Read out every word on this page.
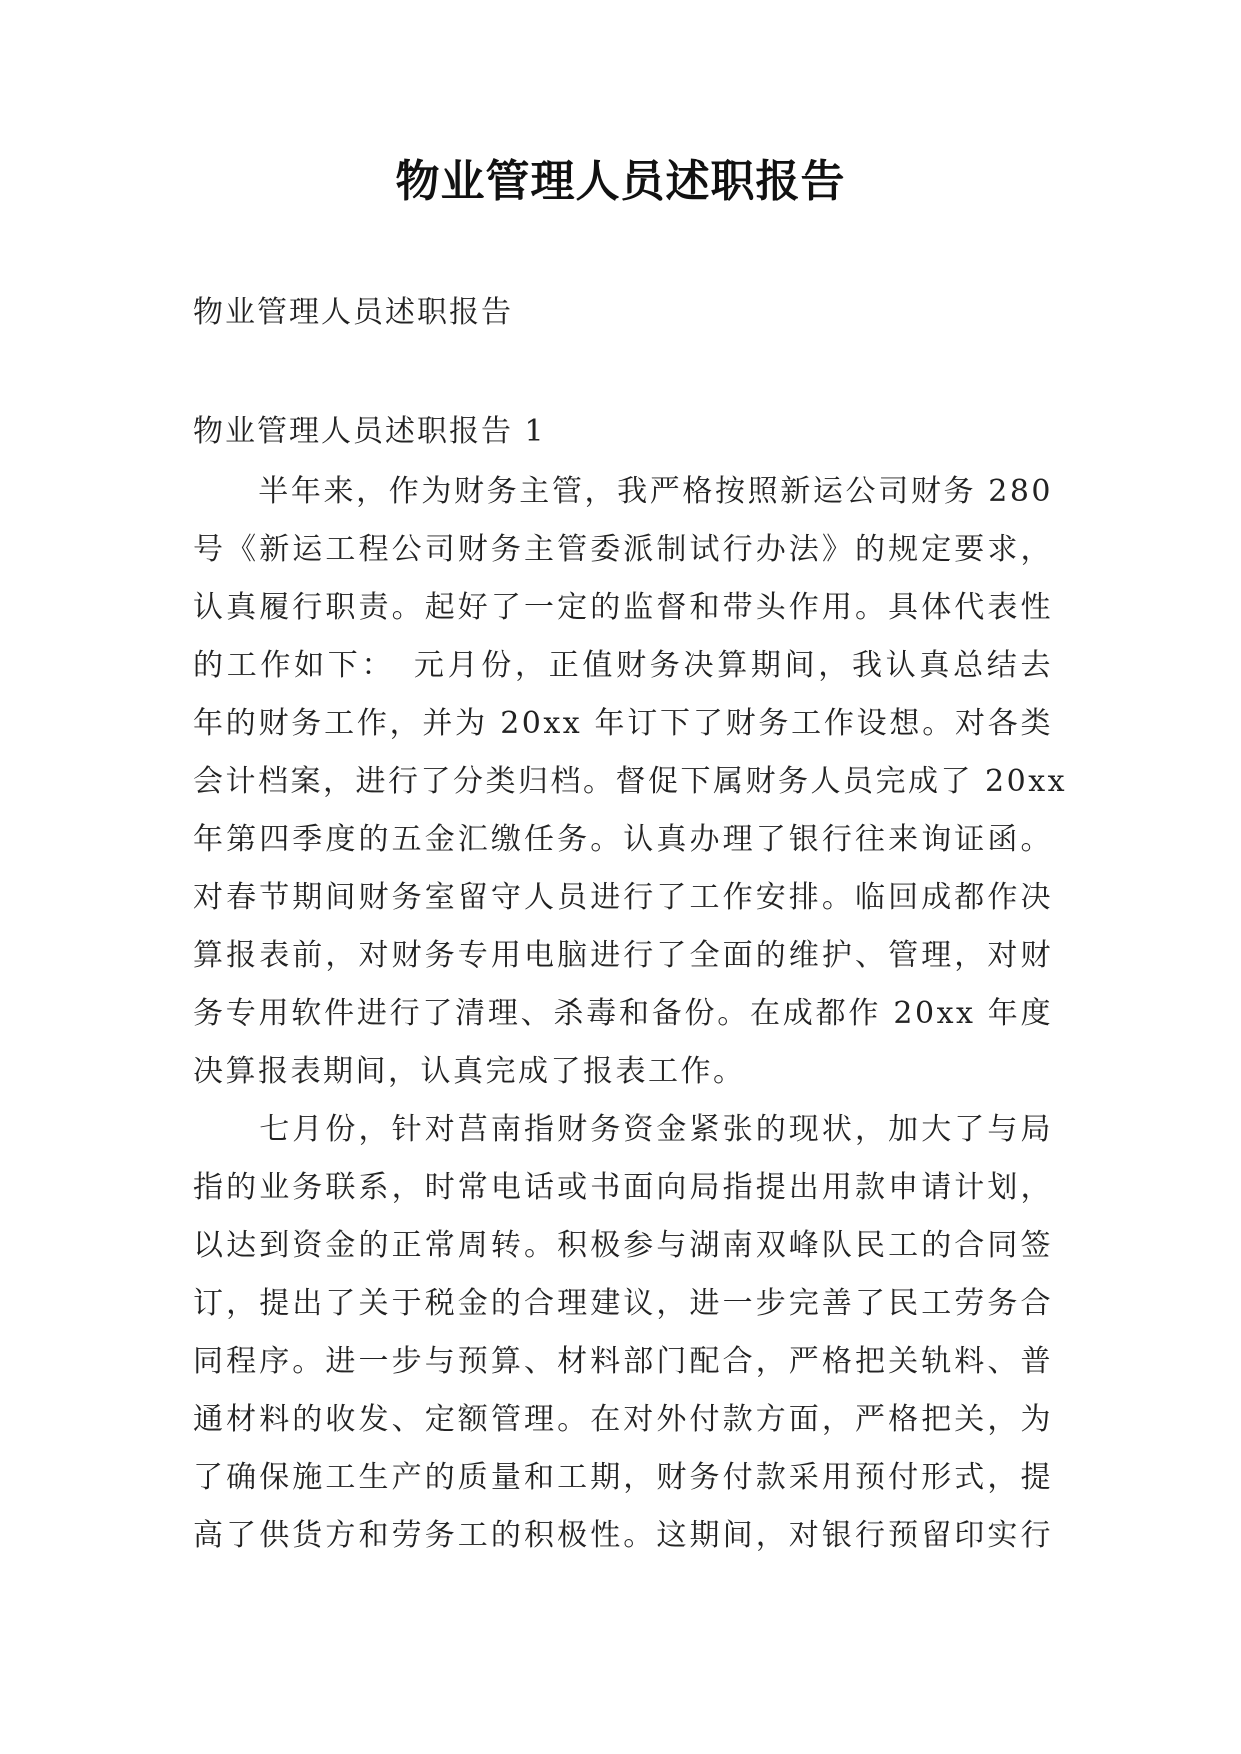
物业管理人员述职报告
物业管理人员述职报告
物业管理人员述职报告 1
　　半年来，作为财务主管，我严格按照新运公司财务 280
号《新运工程公司财务主管委派制试行办法》的规定要求，
认真履行职责。起好了一定的监督和带头作用。具体代表性
的工作如下：　元月份，正值财务决算期间，我认真总结去
年的财务工作，并为 20xx 年订下了财务工作设想。对各类
会计档案，进行了分类归档。督促下属财务人员完成了 20xx
年第四季度的五金汇缴任务。认真办理了银行往来询证函。
对春节期间财务室留守人员进行了工作安排。临回成都作决
算报表前，对财务专用电脑进行了全面的维护、管理，对财
务专用软件进行了清理、杀毒和备份。在成都作 20xx 年度
决算报表期间，认真完成了报表工作。
　　七月份，针对莒南指财务资金紧张的现状，加大了与局
指的业务联系，时常电话或书面向局指提出用款申请计划，
以达到资金的正常周转。积极参与湖南双峰队民工的合同签
订，提出了关于税金的合理建议，进一步完善了民工劳务合
同程序。进一步与预算、材料部门配合，严格把关轨料、普
通材料的收发、定额管理。在对外付款方面，严格把关，为
了确保施工生产的质量和工期，财务付款采用预付形式，提
高了供货方和劳务工的积极性。这期间，对银行预留印实行
